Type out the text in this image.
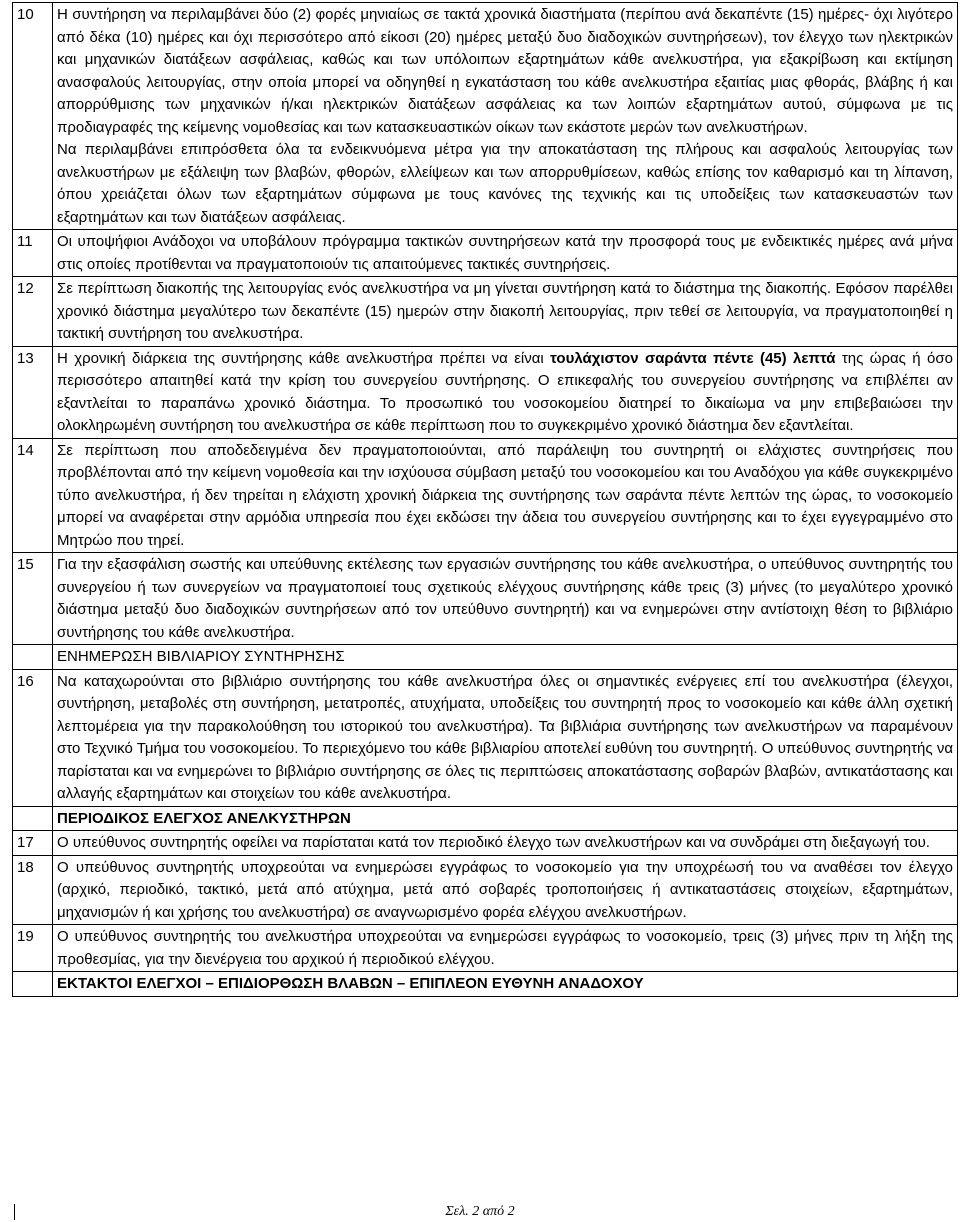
10	Η συντήρηση να περιλαμβάνει δύο (2) φορές μηνιαίως σε τακτά χρονικά διαστήματα (περίπου ανά δεκαπέντε (15) ημέρες- όχι λιγότερο από δέκα (10) ημέρες και όχι περισσότερο από είκοσι (20) ημέρες μεταξύ δυο διαδοχικών συντηρήσεων), τον έλεγχο των ηλεκτρικών και μηχανικών διατάξεων ασφάλειας, καθώς και των υπόλοιπων εξαρτημάτων κάθε ανελκυστήρα, για εξακρίβωση και εκτίμηση ανασφαλούς λειτουργίας, στην οποία μπορεί να οδηγηθεί η εγκατάσταση του κάθε ανελκυστήρα εξαιτίας μιας φθοράς, βλάβης ή και απορρύθμισης των μηχανικών ή/και ηλεκτρικών διατάξεων ασφάλειας κα των λοιπών εξαρτημάτων αυτού, σύμφωνα με τις προδιαγραφές της κείμενης νομοθεσίας και των κατασκευαστικών οίκων των εκάστοτε μερών των ανελκυστήρων.

Να περιλαμβάνει επιπρόσθετα όλα τα ενδεικνυόμενα μέτρα για την αποκατάσταση της πλήρους και ασφαλούς λειτουργίας των ανελκυστήρων με εξάλειψη των βλαβών, φθορών, ελλείψεων και των απορρυθμίσεων, καθώς επίσης τον καθαρισμό και τη λίπανση, όπου χρειάζεται όλων των εξαρτημάτων σύμφωνα με τους κανόνες της τεχνικής και τις υποδείξεις των κατασκευαστών των εξαρτημάτων και των διατάξεων ασφάλειας.

11	Οι υποψήφιοι Ανάδοχοι να υποβάλουν πρόγραμμα τακτικών συντηρήσεων κατά την προσφορά τους με ενδεικτικές ημέρες ανά μήνα στις οποίες προτίθενται να πραγματοποιούν τις απαιτούμενες τακτικές συντηρήσεις.
12	Σε περίπτωση διακοπής της λειτουργίας ενός ανελκυστήρα να μη γίνεται συντήρηση κατά το διάστημα της διακοπής. Εφόσον παρέλθει χρονικό διάστημα μεγαλύτερο των δεκαπέντε (15) ημερών στην διακοπή λειτουργίας, πριν τεθεί σε λειτουργία, να πραγματοποιηθεί η τακτική συντήρηση του ανελκυστήρα.
13	Η χρονική διάρκεια της συντήρησης κάθε ανελκυστήρα πρέπει να είναι τουλάχιστον σαράντα πέντε (45) λεπτά της ώρας ή όσο περισσότερο απαιτηθεί κατά την κρίση του συνεργείου συντήρησης. Ο επικεφαλής του συνεργείου συντήρησης να επιβλέπει αν εξαντλείται το παραπάνω χρονικό διάστημα. Το προσωπικό του νοσοκομείου διατηρεί το δικαίωμα να μην επιβεβαιώσει την ολοκληρωμένη συντήρηση του ανελκυστήρα σε κάθε περίπτωση που το συγκεκριμένο χρονικό διάστημα δεν εξαντλείται.
14	Σε περίπτωση που αποδεδειγμένα δεν πραγματοποιούνται, από παράλειψη του συντηρητή οι ελάχιστες συντηρήσεις που προβλέπονται από την κείμενη νομοθεσία και την ισχύουσα σύμβαση μεταξύ του νοσοκομείου και του Αναδόχου για κάθε συγκεκριμένο τύπο ανελκυστήρα, ή δεν τηρείται η ελάχιστη χρονική διάρκεια της συντήρησης των σαράντα πέντε λεπτών της ώρας, το νοσοκομείο μπορεί να αναφέρεται στην αρμόδια υπηρεσία που έχει εκδώσει την άδεια του συνεργείου συντήρησης και το έχει εγγεγραμμένο στο Μητρώο που τηρεί.
15	Για την εξασφάλιση σωστής και υπεύθυνης εκτέλεσης των εργασιών συντήρησης του κάθε ανελκυστήρα, ο υπεύθυνος συντηρητής του συνεργείου ή των συνεργείων να πραγματοποιεί τους σχετικούς ελέγχους συντήρησης κάθε τρεις (3) μήνες (το μεγαλύτερο χρονικό διάστημα μεταξύ δυο διαδοχικών συντηρήσεων από τον υπεύθυνο συντηρητή) και να ενημερώνει στην αντίστοιχη θέση το βιβλιάριο συντήρησης του κάθε ανελκυστήρα.
	ΕΝΗΜΕΡΩΣΗ ΒΙΒΛΙΑΡΙΟΥ ΣΥΝΤΗΡΗΣΗΣ
16	Να καταχωρούνται στο βιβλιάριο συντήρησης του κάθε ανελκυστήρα όλες οι σημαντικές ενέργειες επί του ανελκυστήρα (έλεγχοι, συντήρηση, μεταβολές στη συντήρηση, μετατροπές, ατυχήματα, υποδείξεις του συντηρητή προς το νοσοκομείο και κάθε άλλη σχετική λεπτομέρεια για την παρακολούθηση του ιστορικού του ανελκυστήρα). Τα βιβλιάρια συντήρησης των ανελκυστήρων να παραμένουν στο Τεχνικό Τμήμα του νοσοκομείου. Το περιεχόμενο του κάθε βιβλιαρίου αποτελεί ευθύνη του συντηρητή. Ο υπεύθυνος συντηρητής να παρίσταται και να ενημερώνει το βιβλιάριο συντήρησης σε όλες τις περιπτώσεις αποκατάστασης σοβαρών βλαβών, αντικατάστασης και αλλαγής εξαρτημάτων και στοιχείων του κάθε ανελκυστήρα.
	ΠΕΡΙΟΔΙΚΟΣ ΕΛΕΓΧΟΣ ΑΝΕΛΚΥΣΤΗΡΩΝ
17	Ο υπεύθυνος συντηρητής οφείλει να παρίσταται κατά τον περιοδικό έλεγχο των ανελκυστήρων και να συνδράμει στη διεξαγωγή του.
18	Ο υπεύθυνος συντηρητής υποχρεούται να ενημερώσει εγγράφως το νοσοκομείο για την υποχρέωσή του να αναθέσει τον έλεγχο (αρχικό, περιοδικό, τακτικό, μετά από ατύχημα, μετά από σοβαρές τροποποιήσεις ή αντικαταστάσεις στοιχείων, εξαρτημάτων, μηχανισμών ή και χρήσης του ανελκυστήρα) σε αναγνωρισμένο φορέα ελέγχου ανελκυστήρων.
19	Ο υπεύθυνος συντηρητής του ανελκυστήρα υποχρεούται να ενημερώσει εγγράφως το νοσοκομείο, τρεις (3) μήνες πριν τη λήξη της προθεσμίας, για την διενέργεια του αρχικού ή περιοδικού ελέγχου.
	ΕΚΤΑΚΤΟΙ ΕΛΕΓΧΟΙ – ΕΠΙΔΙΟΡΘΩΣΗ ΒΛΑΒΩΝ – ΕΠΙΠΛΕΟΝ ΕΥΘΥΝΗ ΑΝΑΔΟΧΟΥ
Σελ. 2 από 2
